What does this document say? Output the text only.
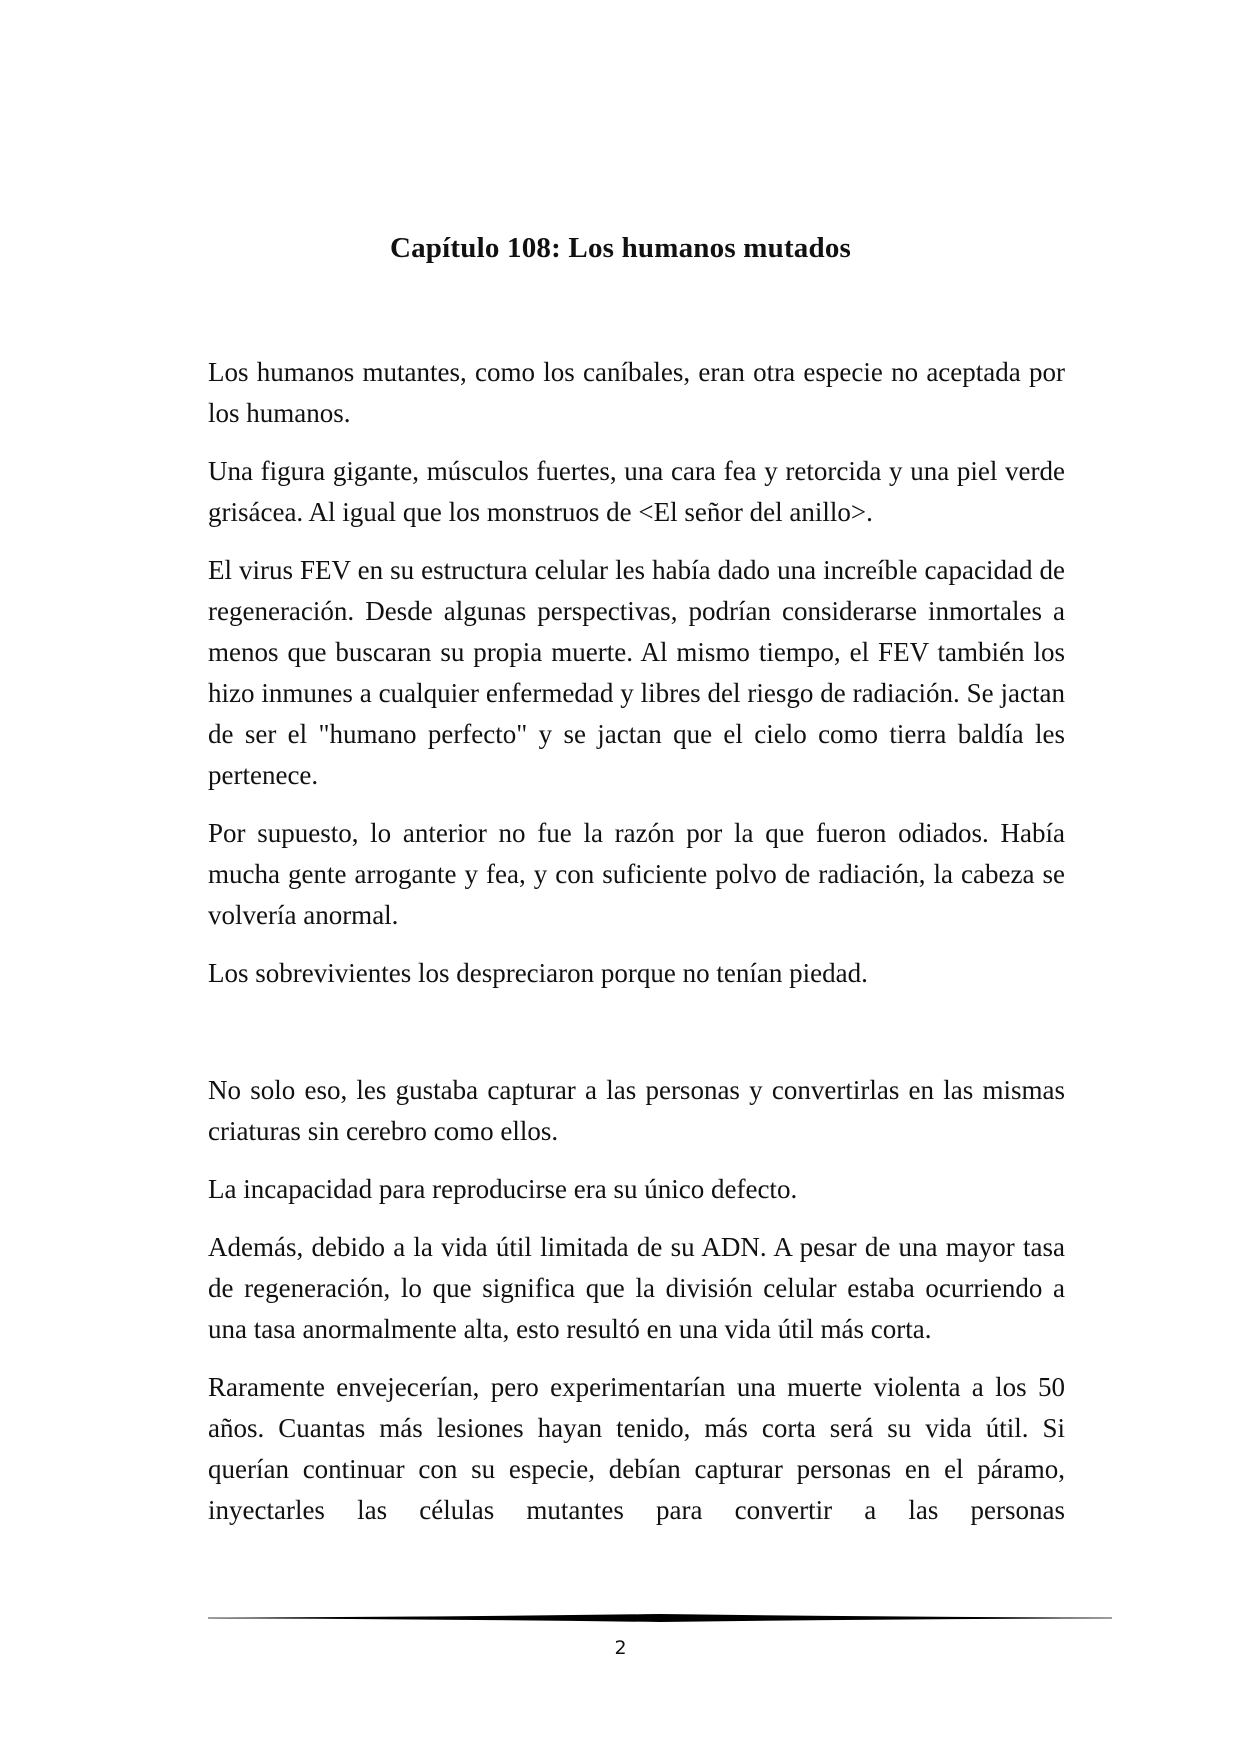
Capítulo 108: Los humanos mutados

Los humanos mutantes, como los caníbales, eran otra especie no aceptada por los humanos.

Una figura gigante, músculos fuertes, una cara fea y retorcida y una piel verde grisácea. Al igual que los monstruos de <El señor del anillo>.

El virus FEV en su estructura celular les había dado una increíble capacidad de regeneración. Desde algunas perspectivas, podrían considerarse inmortales a menos que buscaran su propia muerte. Al mismo tiempo, el FEV también los hizo inmunes a cualquier enfermedad y libres del riesgo de radiación. Se jactan de ser el "humano perfecto" y se jactan que el cielo como tierra baldía les pertenece.

Por supuesto, lo anterior no fue la razón por la que fueron odiados. Había mucha gente arrogante y fea, y con suficiente polvo de radiación, la cabeza se volvería anormal.

Los sobrevivientes los despreciaron porque no tenían piedad.

No solo eso, les gustaba capturar a las personas y convertirlas en las mismas criaturas sin cerebro como ellos.

La incapacidad para reproducirse era su único defecto.

Además, debido a la vida útil limitada de su ADN. A pesar de una mayor tasa de regeneración, lo que significa que la división celular estaba ocurriendo a una tasa anormalmente alta, esto resultó en una vida útil más corta.

Raramente envejecerían, pero experimentarían una muerte violenta a los 50 años. Cuantas más lesiones hayan tenido, más corta será su vida útil. Si querían continuar con su especie, debían capturar personas en el páramo, inyectarles las células mutantes para convertir a las personas

2
